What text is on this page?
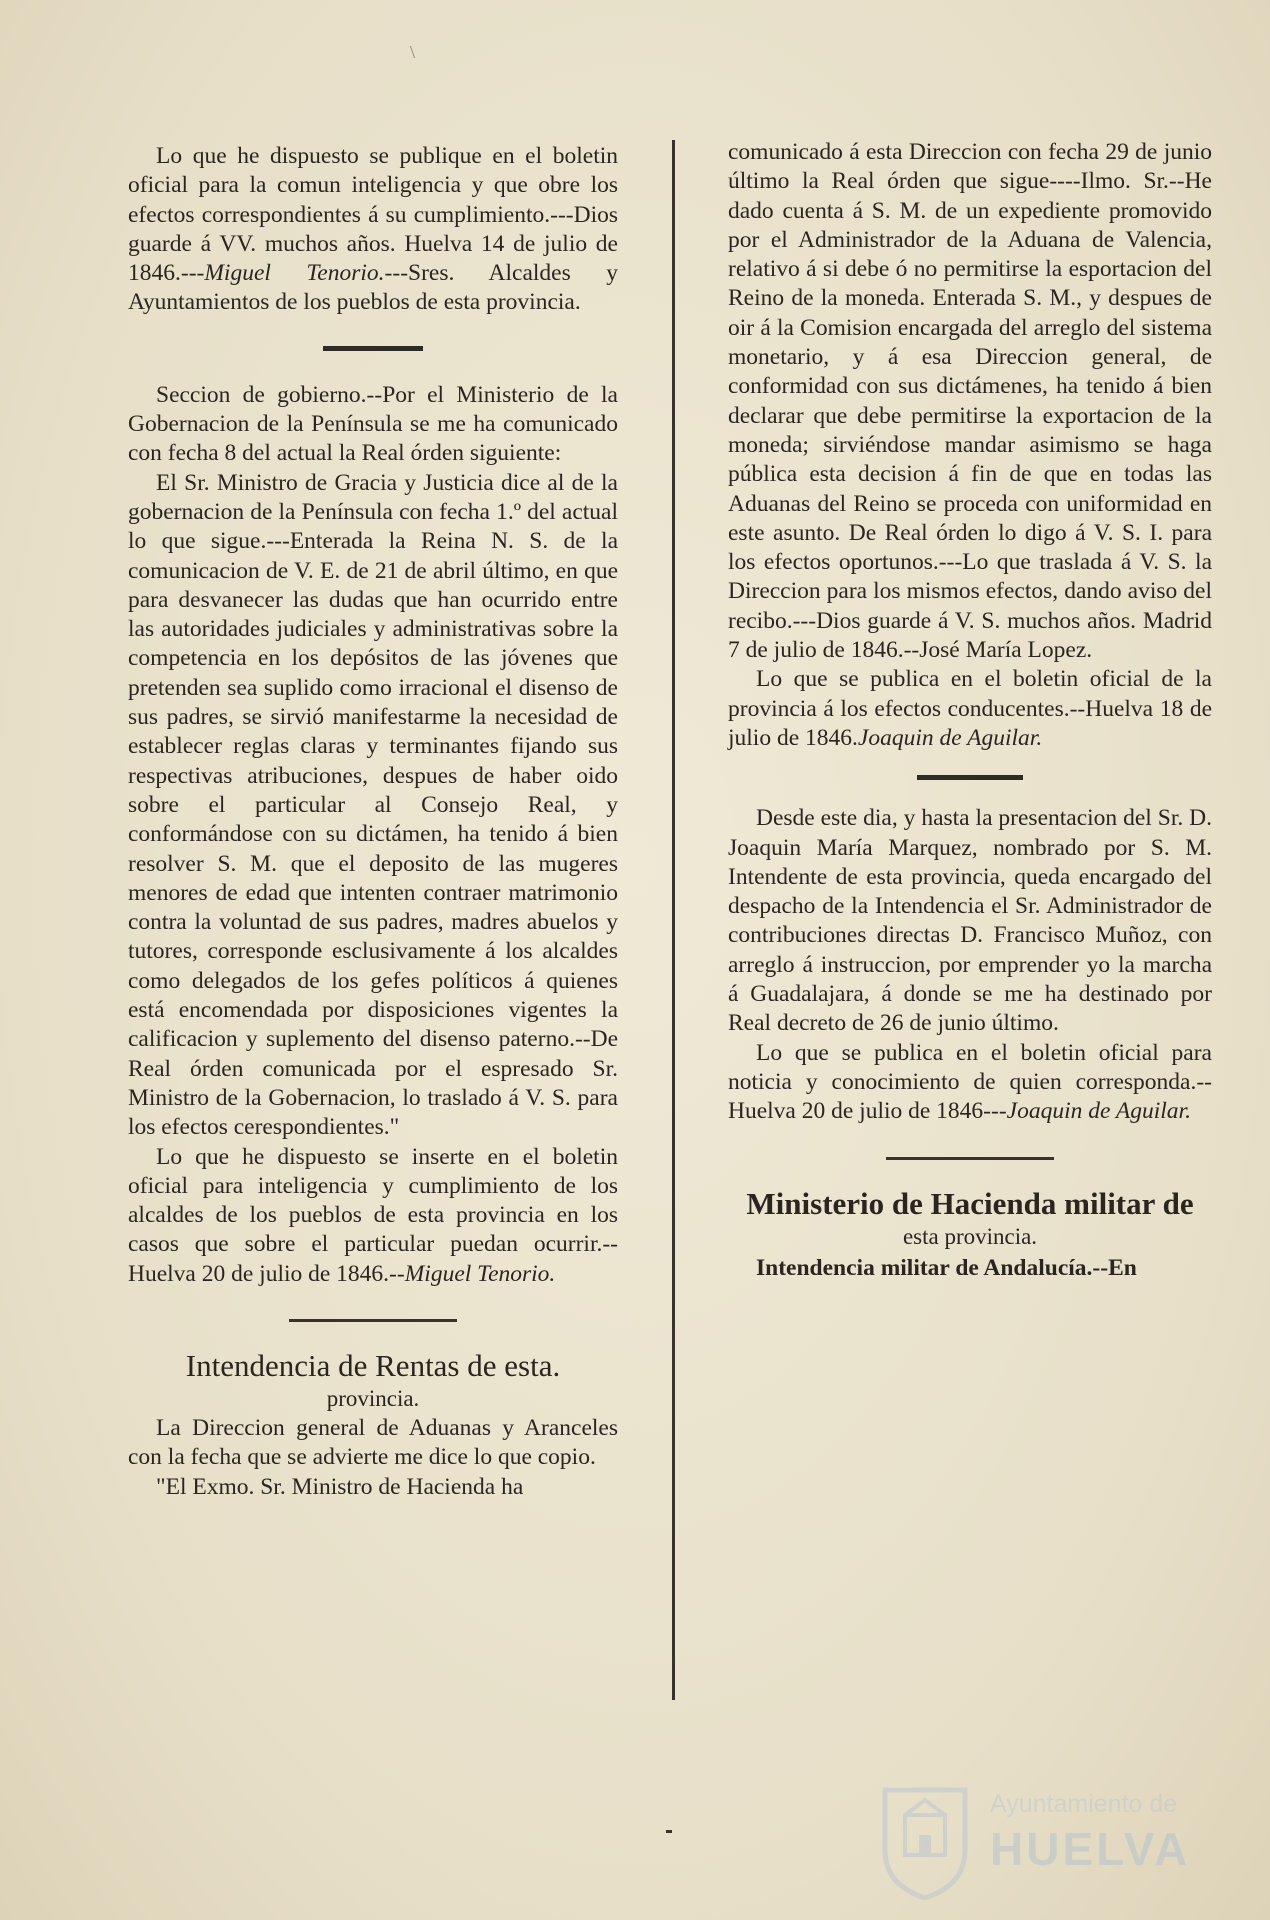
\

Lo que he dispuesto se publique en el boletin oficial para la comun inteligencia y que obre los efectos correspondientes á su cumplimiento.---Dios guarde á VV. muchos años. Huelva 14 de julio de 1846.---Miguel Tenorio.---Sres. Alcaldes y Ayuntamientos de los pueblos de esta provincia.

Seccion de gobierno.--Por el Ministerio de la Gobernacion de la Península se me ha comunicado con fecha 8 del actual la Real órden siguiente:

El Sr. Ministro de Gracia y Justicia dice al de la gobernacion de la Península con fecha 1.º del actual lo que sigue.---Enterada la Reina N. S. de la comunicacion de V. E. de 21 de abril último, en que para desvanecer las dudas que han ocurrido entre las autoridades judiciales y administrativas sobre la competencia en los depósitos de las jóvenes que pretenden sea suplido como irracional el disenso de sus padres, se sirvió manifestarme la necesidad de establecer reglas claras y terminantes fijando sus respectivas atribuciones, despues de haber oido sobre el particular al Consejo Real, y conformándose con su dictámen, ha tenido á bien resolver S. M. que el deposito de las mugeres menores de edad que intenten contraer matrimonio contra la voluntad de sus padres, madres abuelos y tutores, corresponde esclusivamente á los alcaldes como delegados de los gefes políticos á quienes está encomendada por disposiciones vigentes la calificacion y suplemento del disenso paterno.--De Real órden comunicada por el espresado Sr. Ministro de la Gobernacion, lo traslado á V. S. para los efectos cerespondientes."

Lo que he dispuesto se inserte en el boletin oficial para inteligencia y cumplimiento de los alcaldes de los pueblos de esta provincia en los casos que sobre el particular puedan ocurrir.--Huelva 20 de julio de 1846.--Miguel Tenorio.

Intendencia de Rentas de esta.

provincia.

La Direccion general de Aduanas y Aranceles con la fecha que se advierte me dice lo que copio.

"El Exmo. Sr. Ministro de Hacienda ha

comunicado á esta Direccion con fecha 29 de junio último la Real órden que sigue----Ilmo. Sr.--He dado cuenta á S. M. de un expediente promovido por el Administrador de la Aduana de Valencia, relativo á si debe ó no permitirse la esportacion del Reino de la moneda. Enterada S. M., y despues de oir á la Comision encargada del arreglo del sistema monetario, y á esa Direccion general, de conformidad con sus dictámenes, ha tenido á bien declarar que debe permitirse la exportacion de la moneda; sirviéndose mandar asimismo se haga pública esta decision á fin de que en todas las Aduanas del Reino se proceda con uniformidad en este asunto. De Real órden lo digo á V. S. I. para los efectos oportunos.---Lo que traslada á V. S. la Direccion para los mismos efectos, dando aviso del recibo.---Dios guarde á V. S. muchos años. Madrid 7 de julio de 1846.--José María Lopez.

Lo que se publica en el boletin oficial de la provincia á los efectos conducentes.--Huelva 18 de julio de 1846.Joaquin de Aguilar.

Desde este dia, y hasta la presentacion del Sr. D. Joaquin María Marquez, nombrado por S. M. Intendente de esta provincia, queda encargado del despacho de la Intendencia el Sr. Administrador de contribuciones directas D. Francisco Muñoz, con arreglo á instruccion, por emprender yo la marcha á Guadalajara, á donde se me ha destinado por Real decreto de 26 de junio último.

Lo que se publica en el boletin oficial para noticia y conocimiento de quien corresponda.--Huelva 20 de julio de 1846---Joaquin de Aguilar.

Ministerio de Hacienda militar de

esta provincia.

Intendencia militar de Andalucía.--En

Ayuntamiento de
HUELVA
